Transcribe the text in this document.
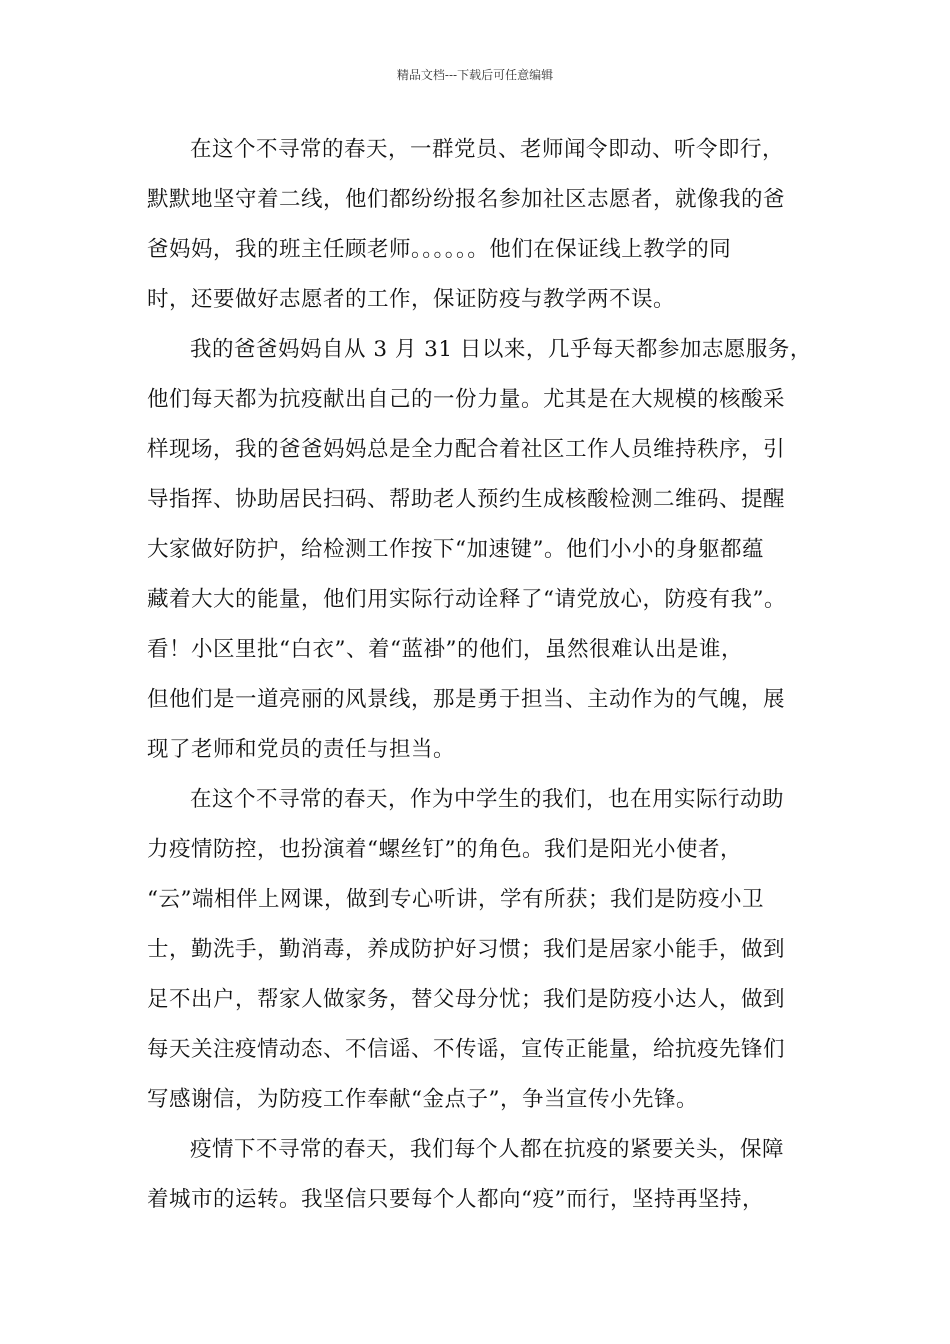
精品文档---下载后可任意编辑
在这个不寻常的春天，一群党员、老师闻令即动、听令即行，
默默地坚守着二线，他们都纷纷报名参加社区志愿者，就像我的爸
爸妈妈，我的班主任顾老师。。。。。。他们在保证线上教学的同
时，还要做好志愿者的工作，保证防疫与教学两不误。
我的爸爸妈妈自从 3 月 31 日以来，几乎每天都参加志愿服务，
他们每天都为抗疫献出自己的一份力量。尤其是在大规模的核酸采
样现场，我的爸爸妈妈总是全力配合着社区工作人员维持秩序，引
导指挥、协助居民扫码、帮助老人预约生成核酸检测二维码、提醒
大家做好防护，给检测工作按下“加速键”。他们小小的身躯都蕴
藏着大大的能量，他们用实际行动诠释了“请党放心，防疫有我”。
看！小区里批“白衣”、着“蓝褂”的他们，虽然很难认出是谁，
但他们是一道亮丽的风景线，那是勇于担当、主动作为的气魄，展
现了老师和党员的责任与担当。
在这个不寻常的春天，作为中学生的我们，也在用实际行动助
力疫情防控，也扮演着“螺丝钉”的角色。我们是阳光小使者，
“云”端相伴上网课，做到专心听讲，学有所获；我们是防疫小卫
士，勤洗手，勤消毒，养成防护好习惯；我们是居家小能手，做到
足不出户，帮家人做家务，替父母分忧；我们是防疫小达人，做到
每天关注疫情动态、不信谣、不传谣，宣传正能量，给抗疫先锋们
写感谢信，为防疫工作奉献“金点子”，争当宣传小先锋。
疫情下不寻常的春天，我们每个人都在抗疫的紧要关头，保障
着城市的运转。我坚信只要每个人都向“疫”而行，坚持再坚持，
